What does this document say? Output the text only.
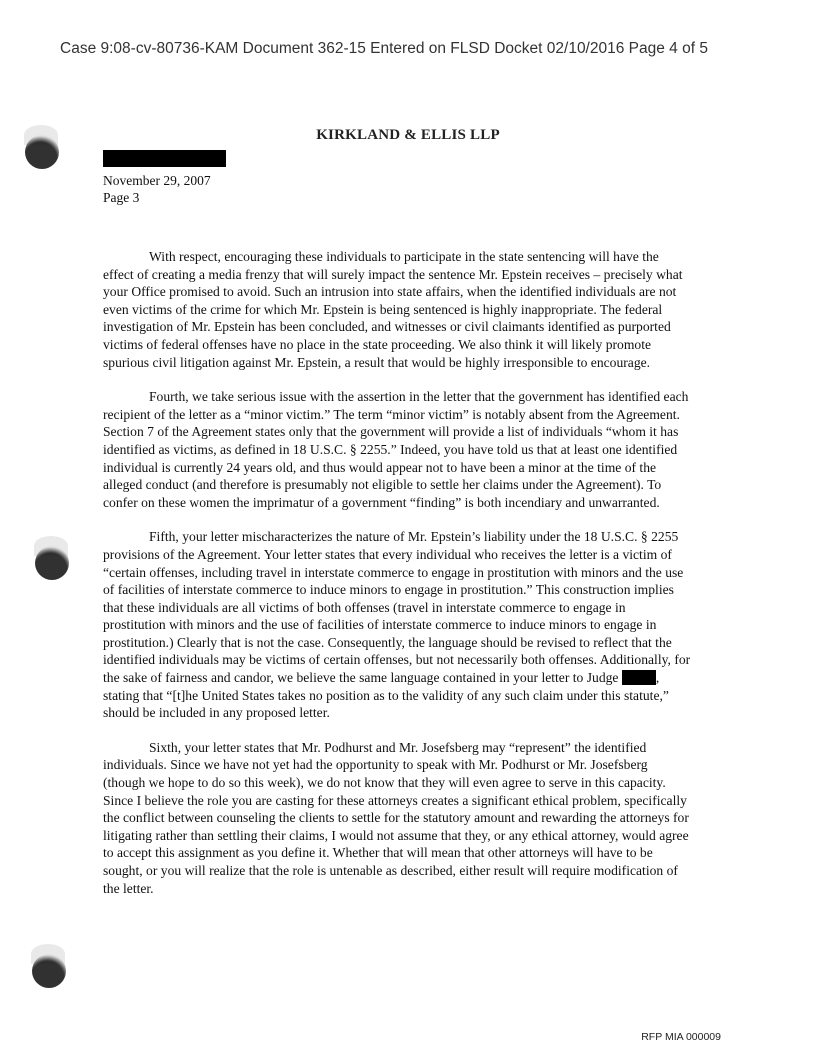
Case 9:08-cv-80736-KAM Document 362-15 Entered on FLSD Docket 02/10/2016 Page 4 of 5
KIRKLAND & ELLIS LLP
November 29, 2007
Page 3

With respect, encouraging these individuals to participate in the state sentencing will have the effect of creating a media frenzy that will surely impact the sentence Mr. Epstein receives – precisely what your Office promised to avoid. Such an intrusion into state affairs, when the identified individuals are not even victims of the crime for which Mr. Epstein is being sentenced is highly inappropriate. The federal investigation of Mr. Epstein has been concluded, and witnesses or civil claimants identified as purported victims of federal offenses have no place in the state proceeding. We also think it will likely promote spurious civil litigation against Mr. Epstein, a result that would be highly irresponsible to encourage.

Fourth, we take serious issue with the assertion in the letter that the government has identified each recipient of the letter as a “minor victim.” The term “minor victim” is notably absent from the Agreement. Section 7 of the Agreement states only that the government will provide a list of individuals “whom it has identified as victims, as defined in 18 U.S.C. § 2255.” Indeed, you have told us that at least one identified individual is currently 24 years old, and thus would appear not to have been a minor at the time of the alleged conduct (and therefore is presumably not eligible to settle her claims under the Agreement). To confer on these women the imprimatur of a government “finding” is both incendiary and unwarranted.

Fifth, your letter mischaracterizes the nature of Mr. Epstein’s liability under the 18 U.S.C. § 2255 provisions of the Agreement. Your letter states that every individual who receives the letter is a victim of “certain offenses, including travel in interstate commerce to engage in prostitution with minors and the use of facilities of interstate commerce to induce minors to engage in prostitution.” This construction implies that these individuals are all victims of both offenses (travel in interstate commerce to engage in prostitution with minors and the use of facilities of interstate commerce to induce minors to engage in prostitution.) Clearly that is not the case. Consequently, the language should be revised to reflect that the identified individuals may be victims of certain offenses, but not necessarily both offenses. Additionally, for the sake of fairness and candor, we believe the same language contained in your letter to Judge	, stating that “[t]he United States takes no position as to the validity of any such claim under this statute,” should be included in any proposed letter.

Sixth, your letter states that Mr. Podhurst and Mr. Josefsberg may “represent” the identified individuals. Since we have not yet had the opportunity to speak with Mr. Podhurst or Mr. Josefsberg (though we hope to do so this week), we do not know that they will even agree to serve in this capacity. Since I believe the role you are casting for these attorneys creates a significant ethical problem, specifically the conflict between counseling the clients to settle for the statutory amount and rewarding the attorneys for litigating rather than settling their claims, I would not assume that they, or any ethical attorney, would agree to accept this assignment as you define it. Whether that will mean that other attorneys will have to be sought, or you will realize that the role is untenable as described, either result will require modification of the letter.

RFP MIA 000009
